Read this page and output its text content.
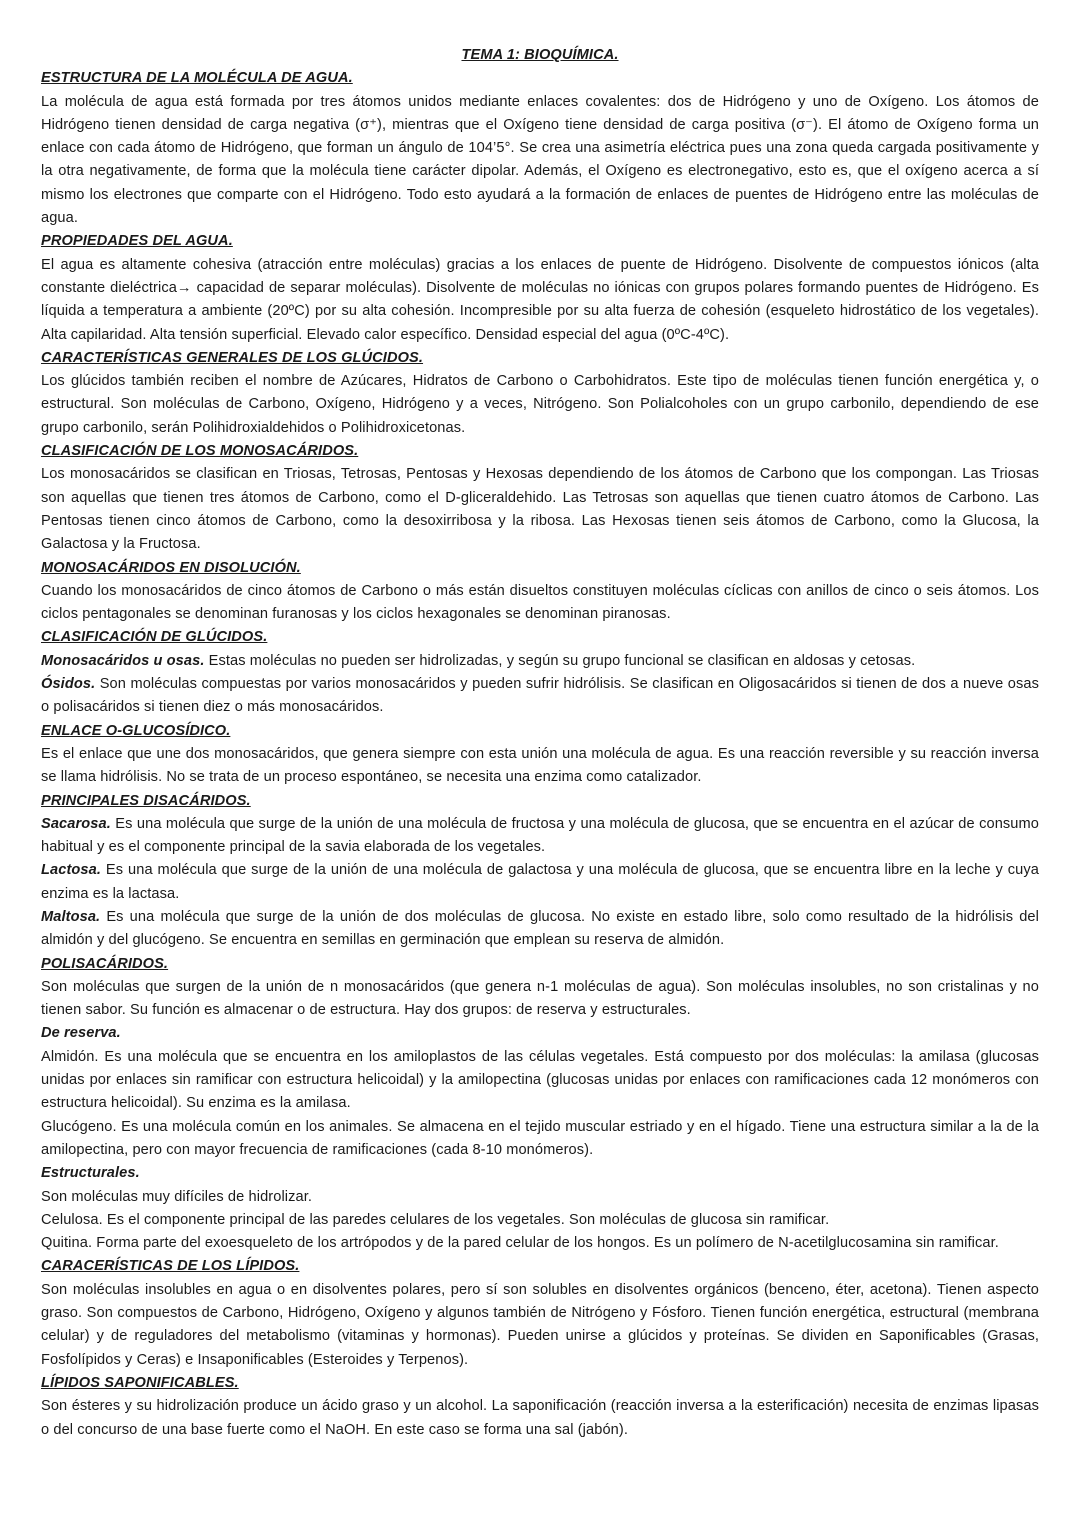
TEMA 1: BIOQUÍMICA.
ESTRUCTURA DE LA MOLÉCULA DE AGUA.

La molécula de agua está formada por tres átomos unidos mediante enlaces covalentes: dos de Hidrógeno y uno de Oxígeno. Los átomos de Hidrógeno tienen densidad de carga negativa (σ⁺), mientras que el Oxígeno tiene densidad de carga positiva (σ⁻). El átomo de Oxígeno forma un enlace con cada átomo de Hidrógeno, que forman un ángulo de 104’5°. Se crea una asimetría eléctrica pues una zona queda cargada positivamente y la otra negativamente, de forma que la molécula tiene carácter dipolar. Además, el Oxígeno es electronegativo, esto es, que el oxígeno acerca a sí mismo los electrones que comparte con el Hidrógeno. Todo esto ayudará a la formación de enlaces de puentes de Hidrógeno entre las moléculas de agua.

PROPIEDADES DEL AGUA.

El agua es altamente cohesiva (atracción entre moléculas) gracias a los enlaces de puente de Hidrógeno. Disolvente de compuestos iónicos (alta constante dieléctrica→ capacidad de separar moléculas). Disolvente de moléculas no iónicas con grupos polares formando puentes de Hidrógeno. Es líquida a temperatura a ambiente (20ºC) por su alta cohesión. Incompresible por su alta fuerza de cohesión (esqueleto hidrostático de los vegetales). Alta capilaridad. Alta tensión superficial. Elevado calor específico. Densidad especial del agua (0ºC-4ºC).

CARACTERÍSTICAS GENERALES DE LOS GLÚCIDOS.

Los glúcidos también reciben el nombre de Azúcares, Hidratos de Carbono o Carbohidratos. Este tipo de moléculas tienen función energética y, o estructural. Son moléculas de Carbono, Oxígeno, Hidrógeno y a veces, Nitrógeno. Son Polialcoholes con un grupo carbonilo, dependiendo de ese grupo carbonilo, serán Polihidroxialdehidos o Polihidroxicetonas.

CLASIFICACIÓN DE LOS MONOSACÁRIDOS.

Los monosacáridos se clasifican en Triosas, Tetrosas, Pentosas y Hexosas dependiendo de los átomos de Carbono que los compongan. Las Triosas son aquellas que tienen tres átomos de Carbono, como el D-gliceraldehido. Las Tetrosas son aquellas que tienen cuatro átomos de Carbono. Las Pentosas tienen cinco átomos de Carbono, como la desoxirribosa y la ribosa. Las Hexosas tienen seis átomos de Carbono, como la Glucosa, la Galactosa y la Fructosa.

MONOSACÁRIDOS EN DISOLUCIÓN.

Cuando los monosacáridos de cinco átomos de Carbono o más están disueltos constituyen moléculas cíclicas con anillos de cinco o seis átomos. Los ciclos pentagonales se denominan furanosas y los ciclos hexagonales se denominan piranosas.

CLASIFICACIÓN DE GLÚCIDOS.

Monosacáridos u osas. Estas moléculas no pueden ser hidrolizadas, y según su grupo funcional se clasifican en aldosas y cetosas.

Ósidos. Son moléculas compuestas por varios monosacáridos y pueden sufrir hidrólisis. Se clasifican en Oligosacáridos si tienen de dos a nueve osas o polisacáridos si tienen diez o más monosacáridos.

ENLACE O-GLUCOSÍDICO.

Es el enlace que une dos monosacáridos, que genera siempre con esta unión una molécula de agua. Es una reacción reversible y su reacción inversa se llama hidrólisis. No se trata de un proceso espontáneo, se necesita una enzima como catalizador.

PRINCIPALES DISACÁRIDOS.

Sacarosa. Es una molécula que surge de la unión de una molécula de fructosa y una molécula de glucosa, que se encuentra en el azúcar de consumo habitual y es el componente principal de la savia elaborada de los vegetales.

Lactosa. Es una molécula que surge de la unión de una molécula de galactosa y una molécula de glucosa, que se encuentra libre en la leche y cuya enzima es la lactasa.

Maltosa. Es una molécula que surge de la unión de dos moléculas de glucosa. No existe en estado libre, solo como resultado de la hidrólisis del almidón y del glucógeno. Se encuentra en semillas en germinación que emplean su reserva de almidón.

POLISACÁRIDOS.

Son moléculas que surgen de la unión de n monosacáridos (que genera n-1 moléculas de agua). Son moléculas insolubles, no son cristalinas y no tienen sabor. Su función es almacenar o de estructura. Hay dos grupos: de reserva y estructurales.

De reserva.

Almidón. Es una molécula que se encuentra en los amiloplastos de las células vegetales. Está compuesto por dos moléculas: la amilasa (glucosas unidas por enlaces sin ramificar con estructura helicoidal) y la amilopectina (glucosas unidas por enlaces con ramificaciones cada 12 monómeros con estructura helicoidal). Su enzima es la amilasa.

Glucógeno. Es una molécula común en los animales. Se almacena en el tejido muscular estriado y en el hígado. Tiene una estructura similar a la de la amilopectina, pero con mayor frecuencia de ramificaciones (cada 8-10 monómeros).

Estructurales.

Son moléculas muy difíciles de hidrolizar.

Celulosa. Es el componente principal de las paredes celulares de los vegetales. Son moléculas de glucosa sin ramificar.

Quitina. Forma parte del exoesqueleto de los artrópodos y de la pared celular de los hongos. Es un polímero de N-acetilglucosamina sin ramificar.

CARACERÍSTICAS DE LOS LÍPIDOS.

Son moléculas insolubles en agua o en disolventes polares, pero sí son solubles en disolventes orgánicos (benceno, éter, acetona). Tienen aspecto graso. Son compuestos de Carbono, Hidrógeno, Oxígeno y algunos también de Nitrógeno y Fósforo. Tienen función energética, estructural (membrana celular) y de reguladores del metabolismo (vitaminas y hormonas). Pueden unirse a glúcidos y proteínas. Se dividen en Saponificables (Grasas, Fosfolípidos y Ceras) e Insaponificables (Esteroides y Terpenos).

LÍPIDOS SAPONIFICABLES.

Son ésteres y su hidrolización produce un ácido graso y un alcohol. La saponificación (reacción inversa a la esterificación) necesita de enzimas lipasas o del concurso de una base fuerte como el NaOH. En este caso se forma una sal (jabón).
